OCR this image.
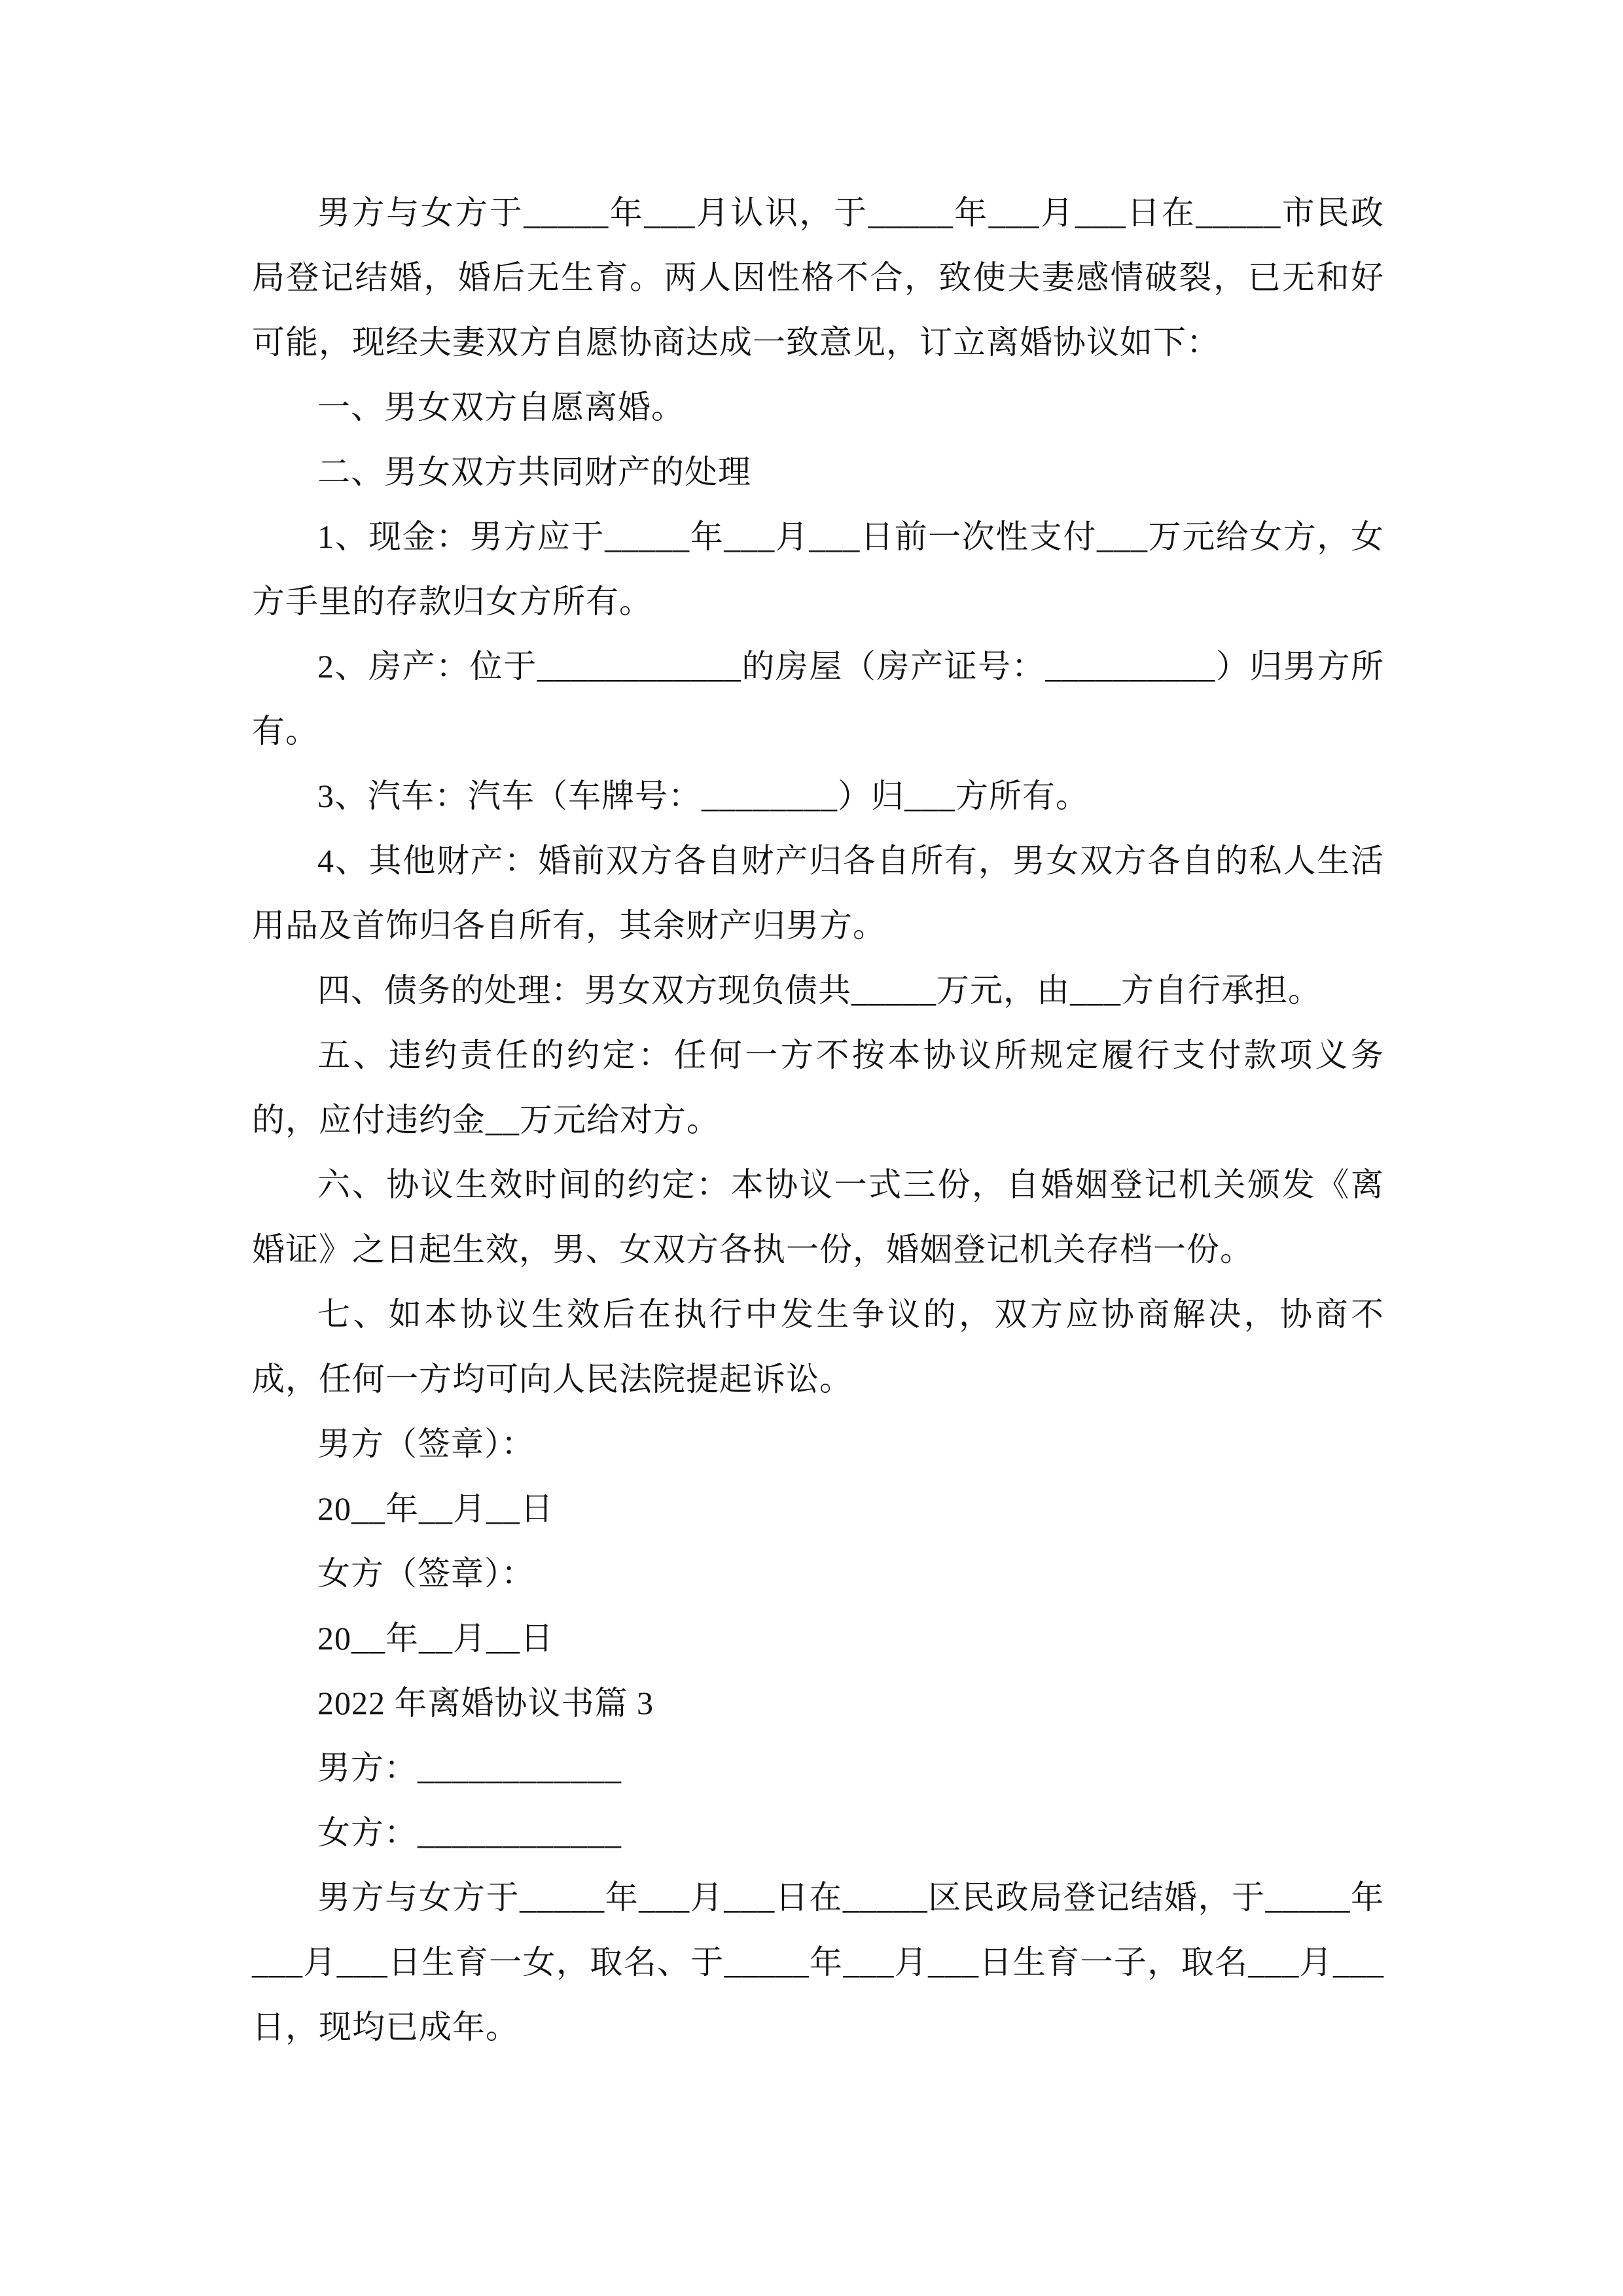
男方与女方于_____年___月认识，于_____年___月___日在_____市民政局登记结婚，婚后无生育。两人因性格不合，致使夫妻感情破裂，已无和好可能，现经夫妻双方自愿协商达成一致意见，订立离婚协议如下：

一、男女双方自愿离婚。

二、男女双方共同财产的处理

1、现金：男方应于_____年___月___日前一次性支付___万元给女方，女方手里的存款归女方所有。

2、房产：位于____________的房屋（房产证号：__________）归男方所有。

3、汽车：汽车（车牌号：________）归___方所有。

4、其他财产：婚前双方各自财产归各自所有，男女双方各自的私人生活用品及首饰归各自所有，其余财产归男方。

四、债务的处理：男女双方现负债共_____万元，由___方自行承担。

五、违约责任的约定：任何一方不按本协议所规定履行支付款项义务的，应付违约金__万元给对方。

六、协议生效时间的约定：本协议一式三份，自婚姻登记机关颁发《离婚证》之日起生效，男、女双方各执一份，婚姻登记机关存档一份。

七、如本协议生效后在执行中发生争议的，双方应协商解决，协商不成，任何一方均可向人民法院提起诉讼。

男方（签章）：

20__年__月__日

女方（签章）：

20__年__月__日

2022 年离婚协议书篇 3

男方：____________

女方：____________

男方与女方于_____年___月___日在_____区民政局登记结婚，于_____年___月___日生育一女，取名、于_____年___月___日生育一子，取名___月___日，现均已成年。
